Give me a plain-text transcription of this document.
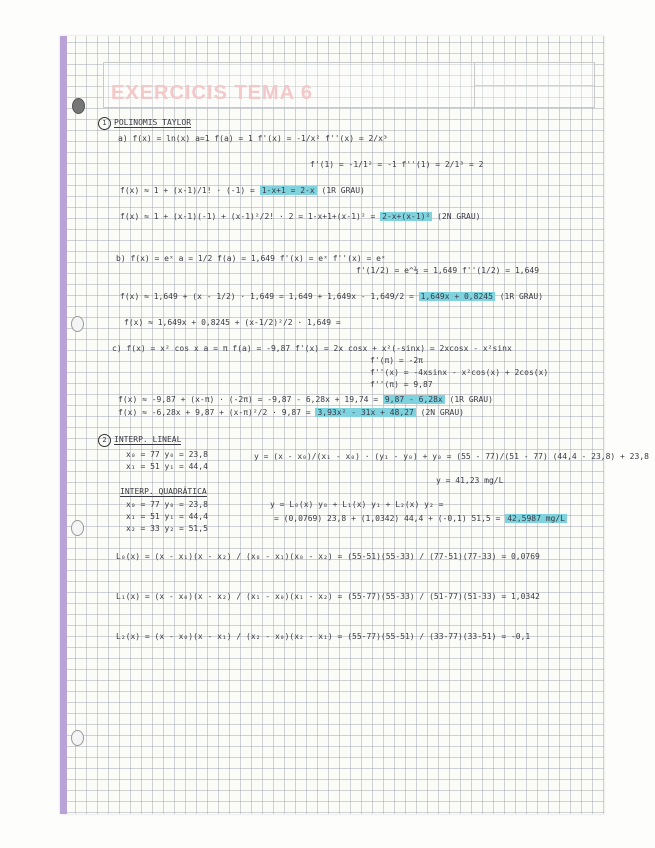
EXERCICIS TEMA 6
1 POLINOMIS TAYLOR
a) f(x) = ln(x) a=1 f(a) = 1 f'(x) = -1/x² f''(x) = 2/x³
f'(1) = -1/1² = -1 f''(1) = 2/1³ = 2
f(x) ≈ 1 + (x-1)/1! · (-1) = 1-x+1 = 2-x (1R GRAU)
f(x) ≈ 1 + (x-1)(-1) + (x-1)²/2! · 2 = 1-x+1+(x-1)² = 2-x+(x-1)² (2N GRAU)
b) f(x) = eˣ a = 1/2 f(a) = 1,649 f'(x) = eˣ f''(x) = eˣ
f'(1/2) = e^½ = 1,649 f''(1/2) = 1,649
f(x) ≈ 1,649 + (x - 1/2) · 1,649 = 1,649 + 1,649x - 1,649/2 = 1,649x + 0,8245 (1R GRAU)
f(x) ≈ 1,649x + 0,8245 + (x-1/2)²/2 · 1,649 =
c) f(x) = x² cos x a = π f(a) = -9,87 f'(x) = 2x cosx + x²(-sinx) = 2xcosx - x²sinx
f'(π) = -2π
f''(x) = -4xsinx - x²cos(x) + 2cos(x)
f''(π) = 9,87
f(x) ≈ -9,87 + (x-π) · (-2π) = -9,87 - 6,28x + 19,74 = 9,87 - 6,28x (1R GRAU)
f(x) ≈ -6,28x + 9,87 + (x-π)²/2 · 9,87 = 3,93x² - 31x + 48,27 (2N GRAU)
2 INTERP. LINEAL
x₀ = 77 y₀ = 23,8
x₁ = 51 y₁ = 44,4
y = (x - x₀)/(x₁ - x₀) · (y₁ - y₀) + y₀ = (55 - 77)/(51 - 77) (44,4 - 23,8) + 23,8
y = 41,23 mg/L
INTERP. QUADRÀTICA
x₀ = 77 y₀ = 23,8
x₁ = 51 y₁ = 44,4
x₂ = 33 y₂ = 51,5
y = L₀(x) y₀ + L₁(x) y₁ + L₂(x) y₂ =
= (0,0769) 23,8 + (1,0342) 44,4 + (-0,1) 51,5 = 42,5987 mg/L
L₀(x) = (x - x₁)(x - x₂) / (x₀ - x₁)(x₀ - x₂) = (55-51)(55-33) / (77-51)(77-33) = 0,0769
L₁(x) = (x - x₀)(x - x₂) / (x₁ - x₀)(x₁ - x₂) = (55-77)(55-33) / (51-77)(51-33) = 1,0342
L₂(x) = (x - x₀)(x - x₁) / (x₂ - x₀)(x₂ - x₁) = (55-77)(55-51) / (33-77)(33-51) = -0,1
